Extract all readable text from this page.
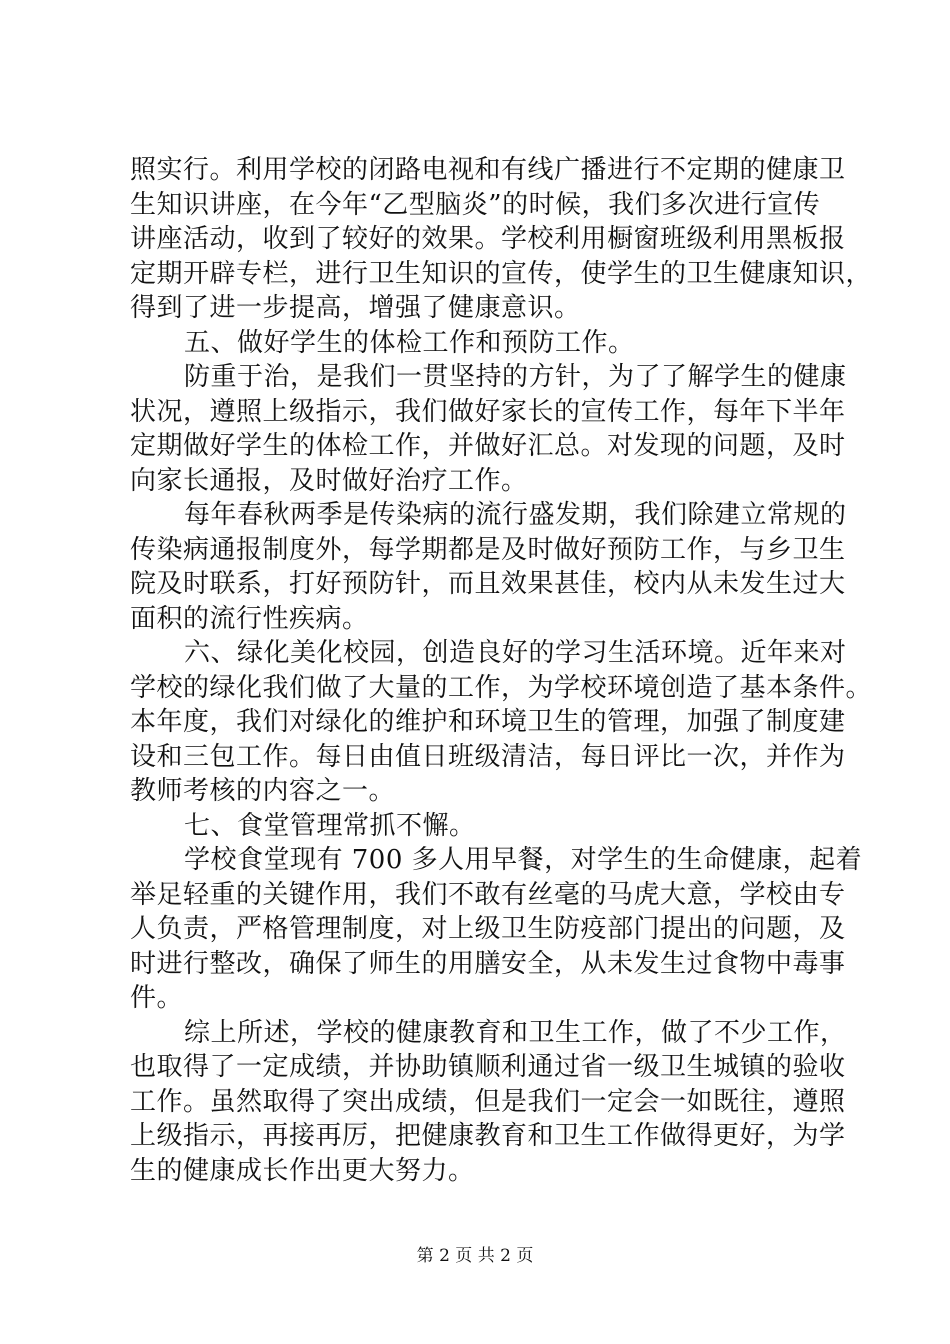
照实行。利用学校的闭路电视和有线广播进行不定期的健康卫
生知识讲座，在今年“乙型脑炎”的时候，我们多次进行宣传
讲座活动，收到了较好的效果。学校利用橱窗班级利用黑板报
定期开辟专栏，进行卫生知识的宣传，使学生的卫生健康知识，
得到了进一步提高，增强了健康意识。
五、做好学生的体检工作和预防工作。
防重于治，是我们一贯坚持的方针，为了了解学生的健康
状况，遵照上级指示，我们做好家长的宣传工作，每年下半年
定期做好学生的体检工作，并做好汇总。对发现的问题，及时
向家长通报，及时做好治疗工作。
每年春秋两季是传染病的流行盛发期，我们除建立常规的
传染病通报制度外，每学期都是及时做好预防工作，与乡卫生
院及时联系，打好预防针，而且效果甚佳，校内从未发生过大
面积的流行性疾病。
六、绿化美化校园，创造良好的学习生活环境。近年来对
学校的绿化我们做了大量的工作，为学校环境创造了基本条件。
本年度，我们对绿化的维护和环境卫生的管理，加强了制度建
设和三包工作。每日由值日班级清洁，每日评比一次，并作为
教师考核的内容之一。
七、食堂管理常抓不懈。
学校食堂现有 700 多人用早餐，对学生的生命健康，起着
举足轻重的关键作用，我们不敢有丝毫的马虎大意，学校由专
人负责，严格管理制度，对上级卫生防疫部门提出的问题，及
时进行整改，确保了师生的用膳安全，从未发生过食物中毒事
件。
综上所述，学校的健康教育和卫生工作，做了不少工作，
也取得了一定成绩，并协助镇顺利通过省一级卫生城镇的验收
工作。虽然取得了突出成绩，但是我们一定会一如既往，遵照
上级指示，再接再厉，把健康教育和卫生工作做得更好，为学
生的健康成长作出更大努力。
第 2 页 共 2 页
